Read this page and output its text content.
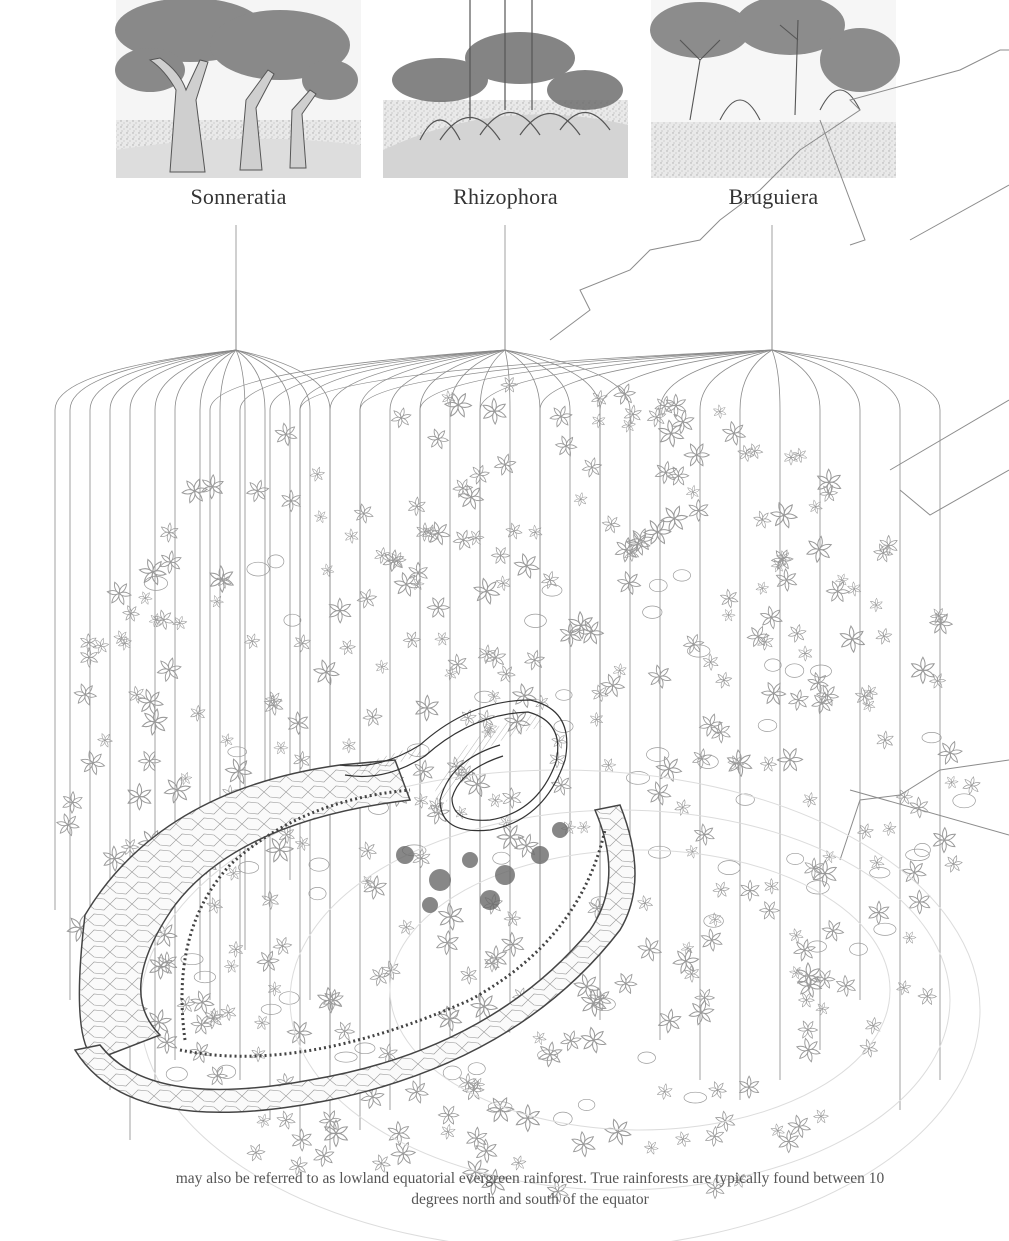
Sonneratia	Rhizophora	Bruguiera
may also be referred to as lowland equatorial evergreen rainforest. True rainforests are typically found between 10
degrees north and south of the equator
